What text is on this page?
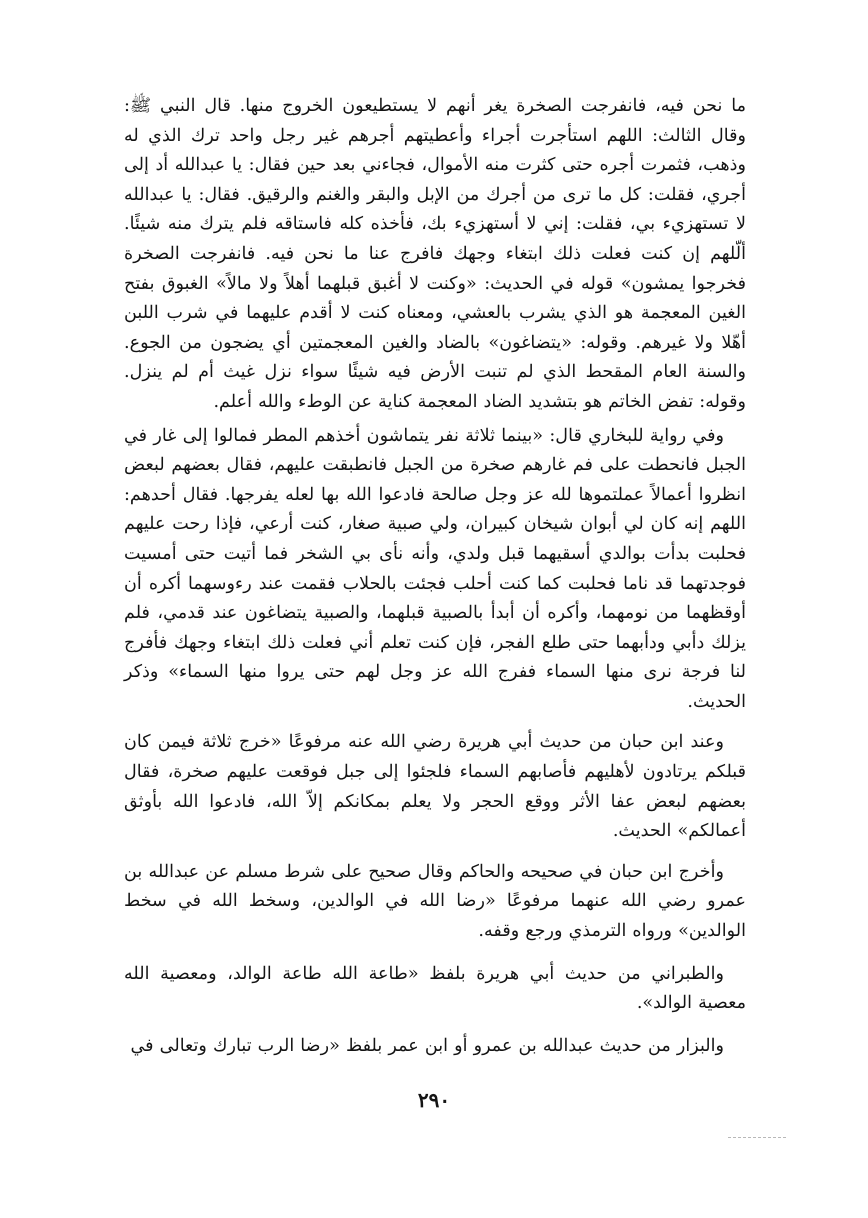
ما نحن فيه، فانفرجت الصخرة يغر أنهم لا يستطيعون الخروج منها. قال النبي ﷺ: وقال الثالث: اللهم استأجرت أجراء وأعطيتهم أجرهم غير رجل واحد ترك الذي له وذهب، فثمرت أجره حتى كثرت منه الأموال، فجاءني بعد حين فقال: يا عبدالله أد إلى أجري، فقلت: كل ما ترى من أجرك من الإبل والبقر والغنم والرقيق. فقال: يا عبدالله لا تستهزيء بي، فقلت: إني لا أستهزيء بك، فأخذه كله فاستاقه فلم يترك منه شيئًا. ألّلهم إن كنت فعلت ذلك ابتغاء وجهك فافرج عنا ما نحن فيه. فانفرجت الصخرة فخرجوا يمشون» قوله في الحديث: «وكنت لا أغبق قبلهما أهلاً ولا مالاً» الغبوق بفتح الغين المعجمة هو الذي يشرب بالعشي، ومعناه كنت لا أقدم عليهما في شرب اللبن أهّلا ولا غيرهم. وقوله: «يتضاغون» بالضاد والغين المعجمتين أي يضجون من الجوع. والسنة العام المقحط الذي لم تنبت الأرض فيه شيئًا سواء نزل غيث أم لم ينزل. وقوله: تفض الخاتم هو بتشديد الضاد المعجمة كناية عن الوطء والله أعلم.

وفي رواية للبخاري قال: «بينما ثلاثة نفر يتماشون أخذهم المطر فمالوا إلى غار في الجبل فانحطت على فم غارهم صخرة من الجبل فانطبقت عليهم، فقال بعضهم لبعض انظروا أعمالاً عملتموها لله عز وجل صالحة فادعوا الله بها لعله يفرجها. فقال أحدهم: اللهم إنه كان لي أبوان شيخان كبيران، ولي صبية صغار، كنت أرعي، فإذا رحت عليهم فحلبت بدأت بوالدي أسقيهما قبل ولدي، وأنه نأى بي الشخر فما أتيت حتى أمسيت فوجدتهما قد ناما فحلبت كما كنت أحلب فجئت بالحلاب فقمت عند رءوسهما أكره أن أوقظهما من نومهما، وأكره أن أبدأ بالصبية قبلهما، والصبية يتضاغون عند قدمي، فلم يزلك دأبي ودأبهما حتى طلع الفجر، فإن كنت تعلم أني فعلت ذلك ابتغاء وجهك فأفرج لنا فرجة نرى منها السماء ففرج الله عز وجل لهم حتى يروا منها السماء» وذكر الحديث.

وعند ابن حبان من حديث أبي هريرة رضي الله عنه مرفوعًا «خرج ثلاثة فيمن كان قبلكم يرتادون لأهليهم فأصابهم السماء فلجئوا إلى جبل فوقعت عليهم صخرة، فقال بعضهم لبعض عفا الأثر ووقع الحجر ولا يعلم بمكانكم إلاّ الله، فادعوا الله بأوثق أعمالكم» الحديث.

وأخرج ابن حبان في صحيحه والحاكم وقال صحيح على شرط مسلم عن عبدالله بن عمرو رضي الله عنهما مرفوعًا «رضا الله في الوالدين، وسخط الله في سخط الوالدين» ورواه الترمذي ورجع وقفه.

والطبراني من حديث أبي هريرة بلفظ «طاعة الله طاعة الوالد، ومعصية الله معصية الوالد».

والبزار من حديث عبدالله بن عمرو أو ابن عمر بلفظ «رضا الرب تبارك وتعالى في

٢٩٠
